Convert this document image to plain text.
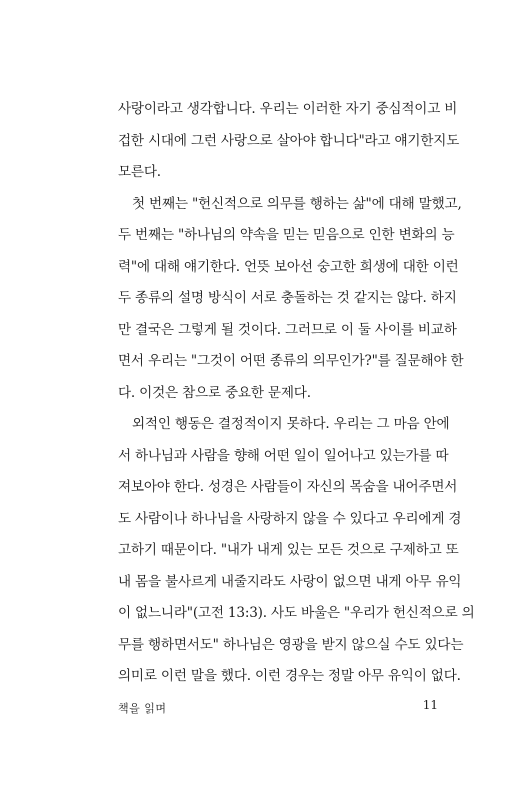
사랑이라고 생각합니다. 우리는 이러한 자기 중심적이고 비
겁한 시대에 그런 사랑으로 살아야 합니다"라고 얘기한지도
모른다.
첫 번째는 "헌신적으로 의무를 행하는 삶"에 대해 말했고,
두 번째는 "하나님의 약속을 믿는 믿음으로 인한 변화의 능
력"에 대해 얘기한다. 언뜻 보아선 숭고한 희생에 대한 이런
두 종류의 설명 방식이 서로 충돌하는 것 같지는 않다. 하지
만 결국은 그렇게 될 것이다. 그러므로 이 둘 사이를 비교하
면서 우리는 "그것이 어떤 종류의 의무인가?"를 질문해야 한
다. 이것은 참으로 중요한 문제다.
외적인 행동은 결정적이지 못하다. 우리는 그 마음 안에
서 하나님과 사람을 향해 어떤 일이 일어나고 있는가를 따
져보아야 한다. 성경은 사람들이 자신의 목숨을 내어주면서
도 사람이나 하나님을 사랑하지 않을 수 있다고 우리에게 경
고하기 때문이다. "내가 내게 있는 모든 것으로 구제하고 또
내 몸을 불사르게 내줄지라도 사랑이 없으면 내게 아무 유익
이 없느니라"(고전 13:3). 사도 바울은 "우리가 헌신적으로 의
무를 행하면서도" 하나님은 영광을 받지 않으실 수도 있다는
의미로 이런 말을 했다. 이런 경우는 정말 아무 유익이 없다.
책을 읽며	11
